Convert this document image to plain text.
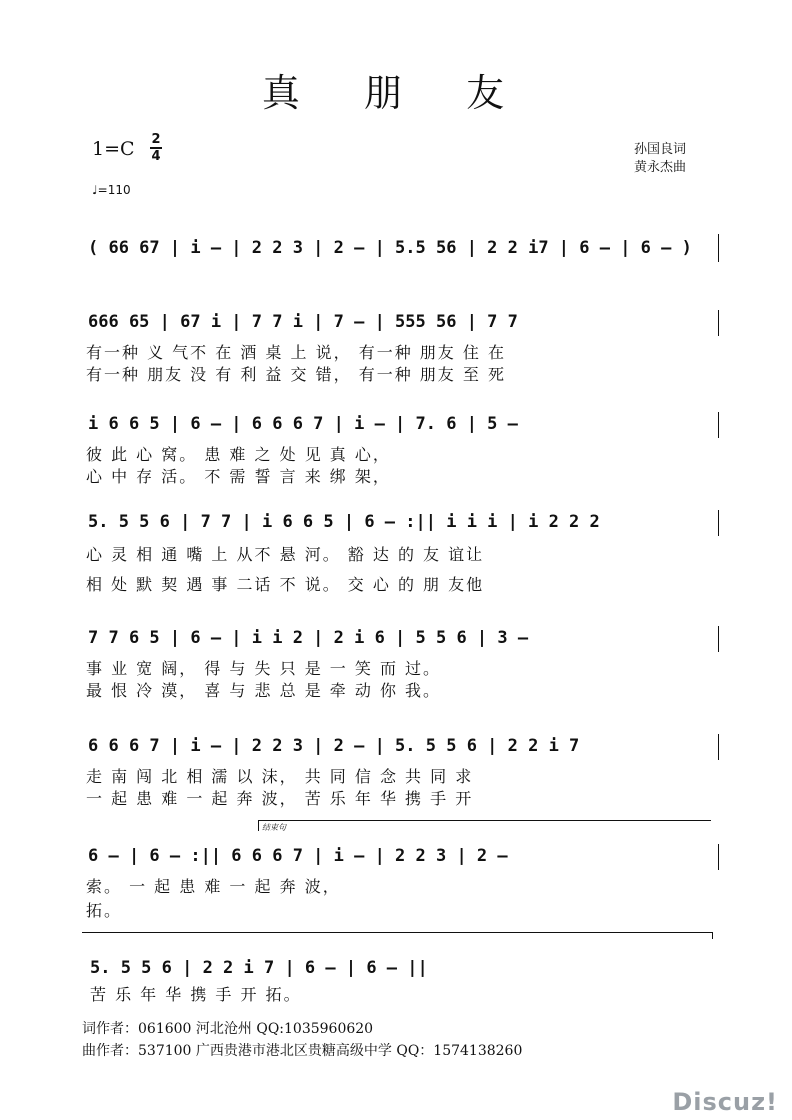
真 朋 友
1=C 2
4
♩=110
孙国良词
黄永杰曲
( 66 67 | i – | 2 2 3 | 2 – | 5.5 56 | 2 2 i7 | 6 – | 6 – )
666 65 | 67 i | 7 7 i | 7 – | 555 56 | 7 7
有一种 义 气不 在 酒 桌 上 说， 有一种 朋友 住 在
有一种 朋友 没 有 利 益 交 错， 有一种 朋友 至 死
i 6 6 5 | 6 – | 6 6 6 7 | i – | 7. 6 | 5 –
彼 此 心 窝。 患 难 之 处 见 真 心，
心 中 存 活。 不 需 誓 言 来 绑 架，
5. 5 5 6 | 7 7 | i 6 6 5 | 6 – :|| i i i | i 2 2 2
心 灵 相 通 嘴 上 从不 悬 河。 豁 达 的 友 谊让
相 处 默 契 遇 事 二话 不 说。 交 心 的 朋 友他
7 7 6 5 | 6 – | i i 2 | 2 i 6 | 5 5 6 | 3 –
事 业 宽 阔， 得 与 失 只 是 一 笑 而 过。
最 恨 冷 漠， 喜 与 悲 总 是 牵 动 你 我。
6 6 6 7 | i – | 2 2 3 | 2 – | 5. 5 5 6 | 2 2 i 7
走 南 闯 北 相 濡 以 沫， 共 同 信 念 共 同 求
一 起 患 难 一 起 奔 波， 苦 乐 年 华 携 手 开
结束句
6 – | 6 – :|| 6 6 6 7 | i – | 2 2 3 | 2 –
索。 一 起 患 难 一 起 奔 波，
拓。
5. 5 5 6 | 2 2 i 7 | 6 – | 6 – ||
苦 乐 年 华 携 手 开 拓。
词作者：061600 河北沧州 QQ:1035960620
曲作者：537100 广西贵港市港北区贵糖高级中学 QQ：1574138260
Discuz!
